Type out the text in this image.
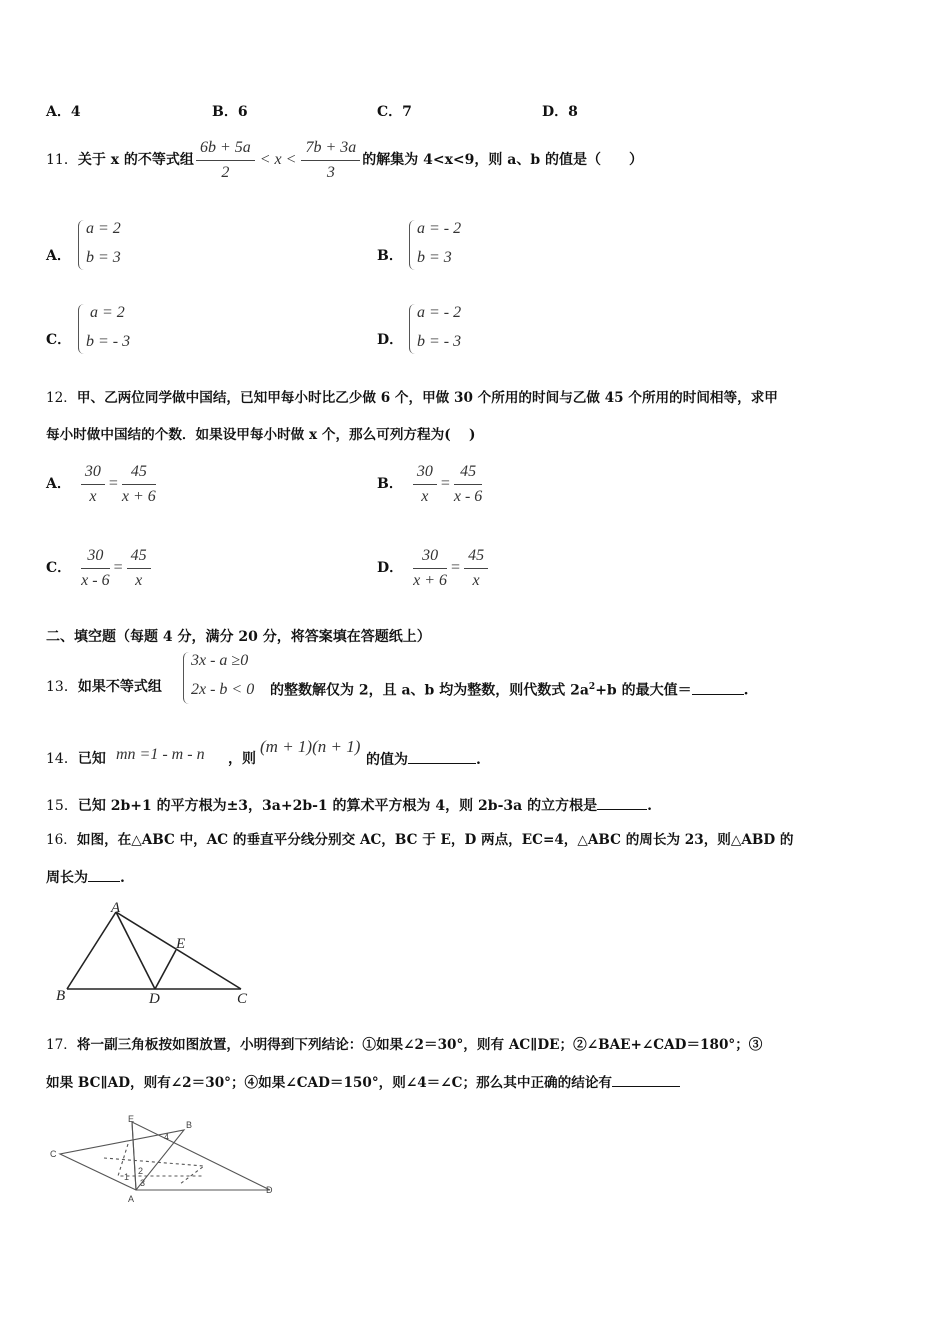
A．4	B．6	C．7	D．8
11． 关于 x 的不等式组 $\frac{6b + 5a}{2} < x < \frac{7b + 3a}{3}$ 的解集为 4<x<9，则 a、b 的值是（　　）
A．
a = 2
b = 3	B．
a = - 2
b = 3
C．
a = 2
b = - 3	D．
a = - 2
b = - 3
12．甲、乙两位同学做中国结，已知甲每小时比乙少做 6 个，甲做 30 个所用的时间与乙做 45 个所用的时间相等，求甲
每小时做中国结的个数．如果设甲每小时做 x 个，那么可列方程为(　 )
A． $\frac{30}{x} = \frac{45}{x + 6}$	B． $\frac{30}{x} = \frac{45}{x - 6}$
C． $\frac{30}{x - 6} = \frac{45}{x}$	D． $\frac{30}{x + 6} = \frac{45}{x}$
二、填空题（每题 4 分，满分 20 分，将答案填在答题纸上）
13．如果不等式组
3x - a ≥0
2x - b < 0 的整数解仅为 2，且 a、b 均为整数，则代数式 $2a^2+b$ 的最大值＝	.
14．已知 mn =1 - m - n ，则
(m + 1)(n + 1)
的值为	.
15．已知 2b+1 的平方根为±3，3a+2b-1 的算术平方根为 4，则 2b-3a 的立方根是	.
16．如图，在△ABC 中，AC 的垂直平分线分别交 AC，BC 于 E，D 两点，EC=4，△ABC 的周长为 23，则△ABD 的
周长为 .
A
B	C
D
E
17．将一副三角板按如图放置，小明得到下列结论：①如果∠2＝30°，则有 AC∥DE；②∠BAE+∠CAD＝180°；③
如果 BC∥AD，则有∠2＝30°；④如果∠CAD＝150°，则∠4＝∠C；那么其中正确的结论有
C
E
B
A
D
1
2
3
4
